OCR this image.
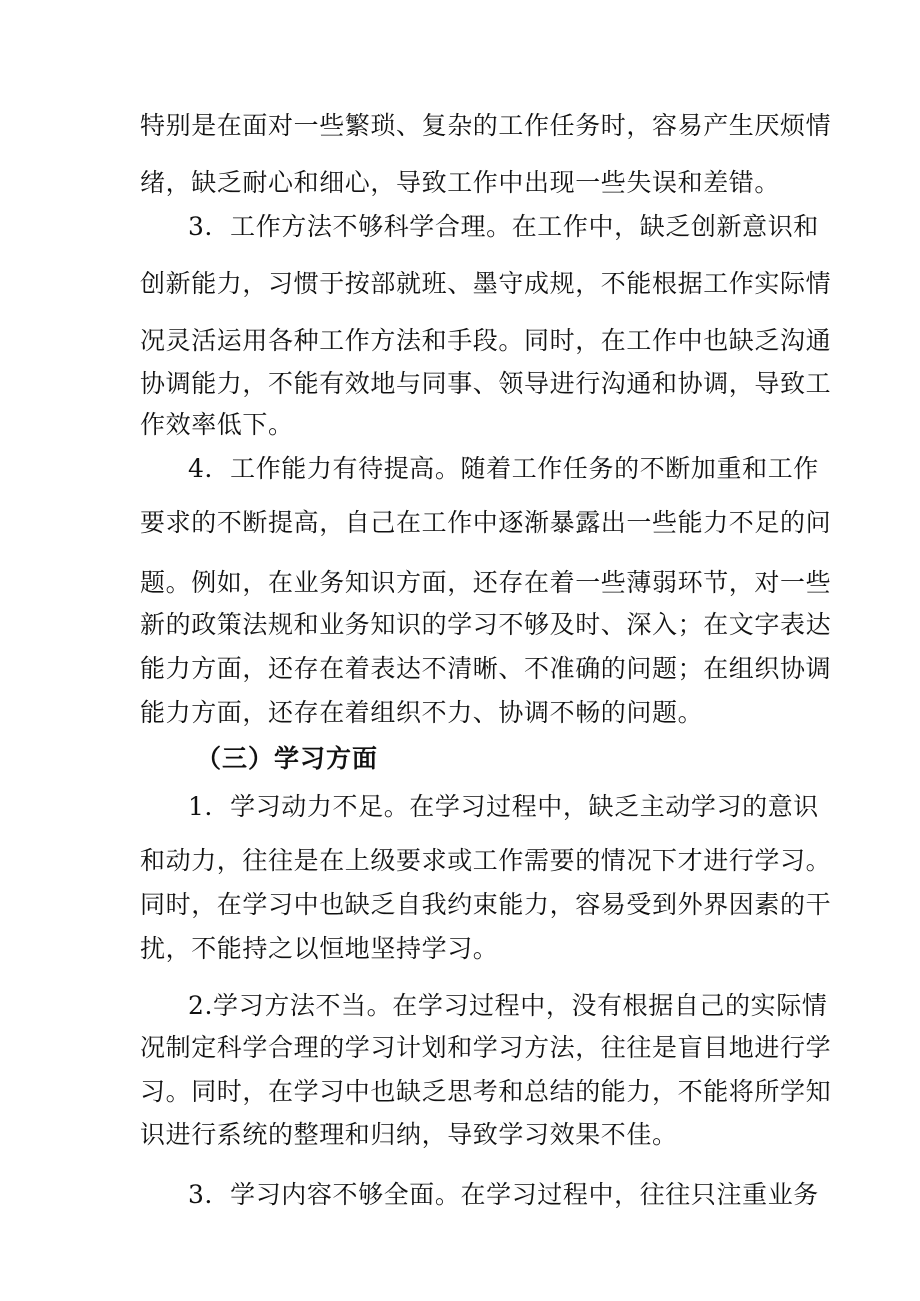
特别是在面对一些繁琐、复杂的工作任务时，容易产生厌烦情
绪，缺乏耐心和细心，导致工作中出现一些失误和差错。
3．工作方法不够科学合理。在工作中，缺乏创新意识和
创新能力，习惯于按部就班、墨守成规，不能根据工作实际情
况灵活运用各种工作方法和手段。同时，在工作中也缺乏沟通
协调能力，不能有效地与同事、领导进行沟通和协调，导致工
作效率低下。
4．工作能力有待提高。随着工作任务的不断加重和工作
要求的不断提高，自己在工作中逐渐暴露出一些能力不足的问
题。例如，在业务知识方面，还存在着一些薄弱环节，对一些
新的政策法规和业务知识的学习不够及时、深入；在文字表达
能力方面，还存在着表达不清晰、不准确的问题；在组织协调
能力方面，还存在着组织不力、协调不畅的问题。
（三）学习方面
1．学习动力不足。在学习过程中，缺乏主动学习的意识
和动力，往往是在上级要求或工作需要的情况下才进行学习。
同时，在学习中也缺乏自我约束能力，容易受到外界因素的干
扰，不能持之以恒地坚持学习。
2.学习方法不当。在学习过程中，没有根据自己的实际情
况制定科学合理的学习计划和学习方法，往往是盲目地进行学
习。同时，在学习中也缺乏思考和总结的能力，不能将所学知
识进行系统的整理和归纳，导致学习效果不佳。
3．学习内容不够全面。在学习过程中，往往只注重业务
